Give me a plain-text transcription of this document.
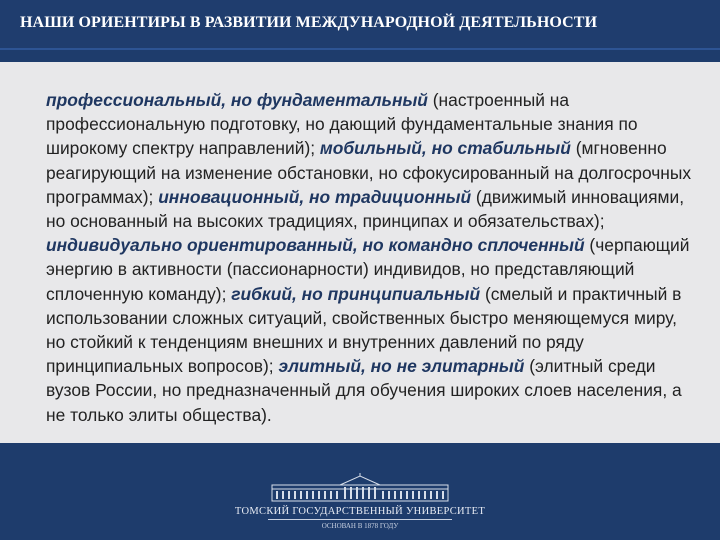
НАШИ ОРИЕНТИРЫ В РАЗВИТИИ МЕЖДУНАРОДНОЙ ДЕЯТЕЛЬНОСТИ

профессиональный, но фундаментальный (настроенный на профессиональную подготовку, но дающий фундаментальные знания по широкому спектру направлений); мобильный, но стабильный (мгновенно реагирующий на изменение обстановки, но сфокусированный на долгосрочных программах); инновационный, но традиционный (движимый инновациями, но основанный на высоких традициях, принципах и обязательствах); индивидуально ориентированный, но командно сплоченный (черпающий энергию в активности (пассионарности) индивидов, но представляющий сплоченную команду); гибкий, но принципиальный (смелый и практичный в использовании сложных ситуаций, свойственных быстро меняющемуся миру, но стойкий к тенденциям внешних и внутренних давлений по ряду принципиальных вопросов); элитный, но не элитарный (элитный среди вузов России, но предназначенный для обучения широких слоев населения, а не только элиты общества).

ТОМСКИЙ ГОСУДАРСТВЕННЫЙ УНИВЕРСИТЕТ
ОСНОВАН В 1878 ГОДУ
